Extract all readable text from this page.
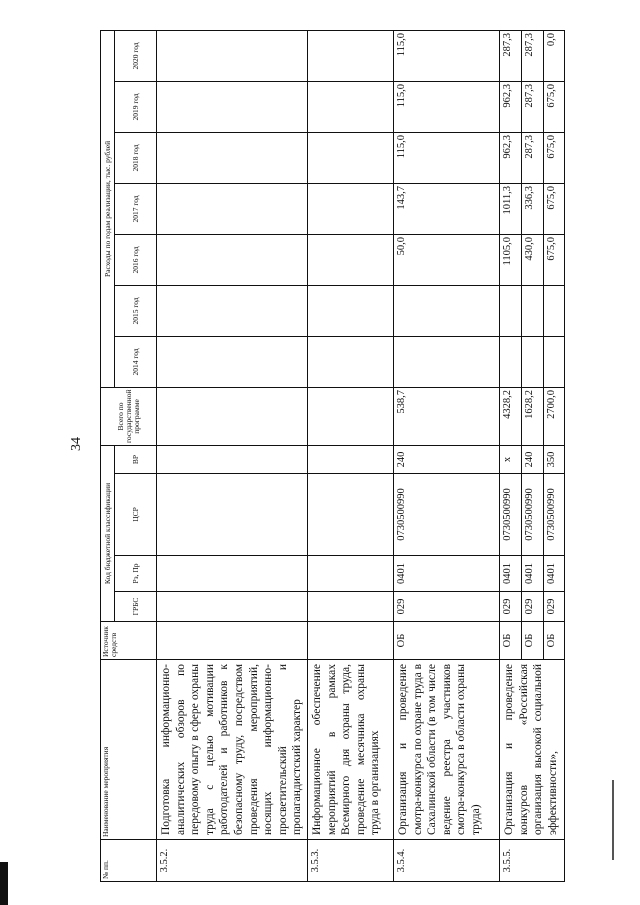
34
№ пп.	Наименование мероприятия	Источник средств	Код бюджетной классификации				Всего по государственной программе	Расходы по годам реализации, тыс. рублей						
			ГРБС	Рз, Пр	ЦСР	ВР		2014 год	2015 год	2016 год	2017 год	2018 год	2019 год	2020 год
3.5.2.	Подготовка информационно-аналитических обзоров по передовому опыту в сфере охраны труда с целью мотивации работодателей и работников к безопасному труду, посредством проведения мероприятий, носящих информационно-просветительский и пропагандистский характер													
3.5.3.	Информационное обеспечение мероприятий в рамках Всемирного дня охраны труда, проведение месячника охраны труда в организациях													
3.5.4.	Организация и проведение смотра-конкурса по охране труда в Сахалинской области (в том числе ведение реестра участников смотра-конкурса в области охраны труда)	ОБ	029	0401	0730500990	240	538,7			50,0	143,7	115,0	115,0	115,0
3.5.5.	Организация и проведение конкурсов «Российская организация высокой социальной эффективности»,	ОБ	029	0401	0730500990	х	4328,2			1105,0	1011,3	962,3	962,3	287,3
		ОБ	029	0401	0730500990	240	1628,2			430,0	336,3	287,3	287,3	287,3
		ОБ	029	0401	0730500990	350	2700,0			675,0	675,0	675,0	675,0	0,0
